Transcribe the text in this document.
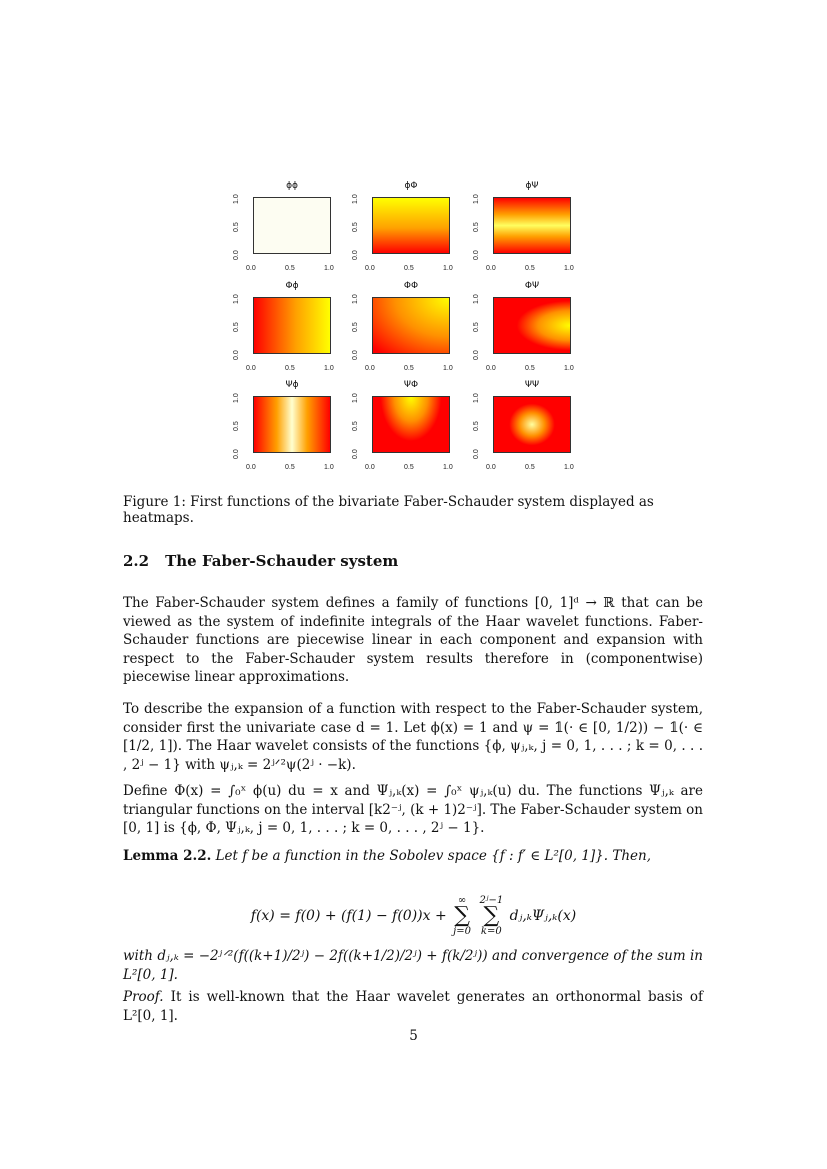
ϕϕ
0.0	0.5	1.0
0.0
0.5
1.0
ϕΦ
0.0	0.5	1.0
0.0
0.5
1.0
ϕΨ
0.0	0.5	1.0
0.0
0.5
1.0
Φϕ
0.0	0.5	1.0
0.0
0.5
1.0
ΦΦ
0.0	0.5	1.0
0.0
0.5
1.0
ΦΨ
0.0	0.5	1.0
0.0
0.5
1.0
Ψϕ
0.0	0.5	1.0
0.0
0.5
1.0
ΨΦ
0.0	0.5	1.0
0.0
0.5
1.0
ΨΨ
0.0	0.5	1.0
0.0
0.5
1.0
Figure 1: First functions of the bivariate Faber-Schauder system displayed as heatmaps.
2.2 The Faber-Schauder system
The Faber-Schauder system defines a family of functions [0, 1]ᵈ → ℝ that can be viewed as the system of indefinite integrals of the Haar wavelet functions. Faber-Schauder functions are piecewise linear in each component and expansion with respect to the Faber-Schauder system results therefore in (componentwise) piecewise linear approximations.
To describe the expansion of a function with respect to the Faber-Schauder system, consider first the univariate case d = 1. Let ϕ(x) = 1 and ψ = 𝟙(· ∈ [0, 1/2)) − 𝟙(· ∈ [1/2, 1]). The Haar wavelet consists of the functions {ϕ, ψⱼ,ₖ, j = 0, 1, . . . ; k = 0, . . . , 2ʲ − 1} with ψⱼ,ₖ = 2ʲᐟ²ψ(2ʲ · −k).
Define Φ(x) = ∫₀ˣ ϕ(u) du = x and Ψⱼ,ₖ(x) = ∫₀ˣ ψⱼ,ₖ(u) du. The functions Ψⱼ,ₖ are triangular functions on the interval [k2⁻ʲ, (k + 1)2⁻ʲ]. The Faber-Schauder system on [0, 1] is {ϕ, Φ, Ψⱼ,ₖ, j = 0, 1, . . . ; k = 0, . . . , 2ʲ − 1}.
Lemma 2.2. Let f be a function in the Sobolev space {f : f′ ∈ L²[0, 1]}. Then,
f(x) = f(0) + (f(1) − f(0))x +
∞
∑
j=0

2ʲ−1
∑
k=0
dⱼ,ₖΨⱼ,ₖ(x)
with dⱼ,ₖ = −2ʲᐟ²(f((k+1)/2ʲ) − 2f((k+1/2)/2ʲ) + f(k/2ʲ)) and convergence of the sum in L²[0, 1].
Proof. It is well-known that the Haar wavelet generates an orthonormal basis of L²[0, 1].
5
